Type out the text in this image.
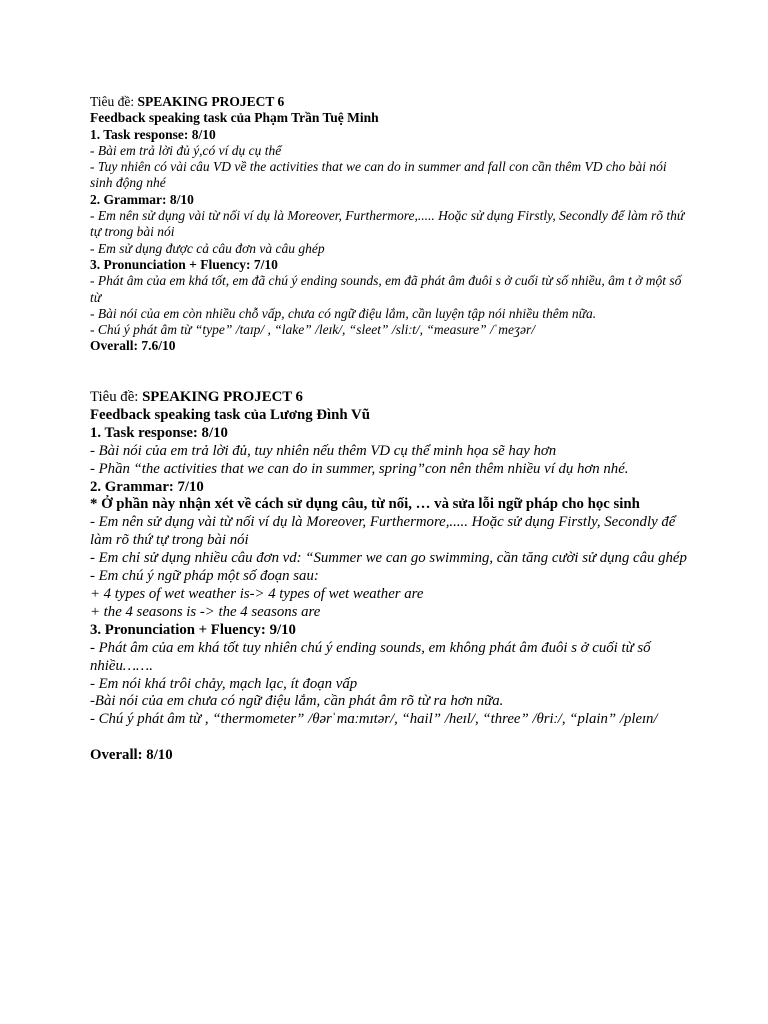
Tiêu đề: SPEAKING PROJECT 6

Feedback speaking task của Phạm Trần Tuệ Minh

1. Task response: 8/10

- Bài em trả lời đủ ý,có ví dụ cụ thể

- Tuy nhiên có vài câu VD về the activities that we can do in summer and fall con cần thêm VD cho bài nói sinh động nhé

2. Grammar: 8/10

- Em nên sử dụng vài từ nối ví dụ là Moreover, Furthermore,..... Hoặc sử dụng Firstly, Secondly để làm rõ thứ tự trong bài nói

- Em sử dụng được cả câu đơn và câu ghép

3. Pronunciation + Fluency: 7/10

- Phát âm của em khá tốt, em đã chú ý ending sounds, em đã phát âm đuôi s ở cuối từ số nhiều, âm t ở một số từ

- Bài nói của em còn nhiều chỗ vấp, chưa có ngữ điệu lắm, cần luyện tập nói nhiều thêm nữa.

- Chú ý phát âm từ “type” /taɪp/ , “lake” /leɪk/, “sleet” /sliːt/, “measure” /ˈmeʒər/

Overall: 7.6/10

Tiêu đề: SPEAKING PROJECT 6

Feedback speaking task của Lương Đình Vũ

1. Task response: 8/10

- Bài nói của em trả lời đủ, tuy nhiên nếu thêm VD cụ thể minh họa sẽ hay hơn

- Phần “the activities that we can do in summer, spring”con nên thêm nhiều ví dụ hơn nhé.

2. Grammar: 7/10

* Ở phần này nhận xét về cách sử dụng câu, từ nối, … và sửa lỗi ngữ pháp cho học sinh

- Em nên sử dụng vài từ nối ví dụ là Moreover, Furthermore,..... Hoặc sử dụng Firstly, Secondly để làm rõ thứ tự trong bài nói

- Em chỉ sử dụng nhiều câu đơn vd: “Summer we can go swimming, cần tăng cười sử dụng câu ghép

- Em chú ý ngữ pháp một số đoạn sau:

+ 4 types of wet weather is-> 4 types of wet weather are

+ the 4 seasons is -> the 4 seasons are

3. Pronunciation + Fluency: 9/10

- Phát âm của em khá tốt tuy nhiên chú ý ending sounds, em không phát âm đuôi s ở cuối từ số nhiều…….

- Em nói khá trôi chảy, mạch lạc, ít đoạn vấp

-Bài nói của em chưa có ngữ điệu lắm, cần phát âm rõ từ ra hơn nữa.

- Chú ý phát âm từ , “thermometer” /θərˈmɑːmɪtər/, “hail” /heɪl/, “three” /θriː/, “plain” /pleɪn/

Overall: 8/10
